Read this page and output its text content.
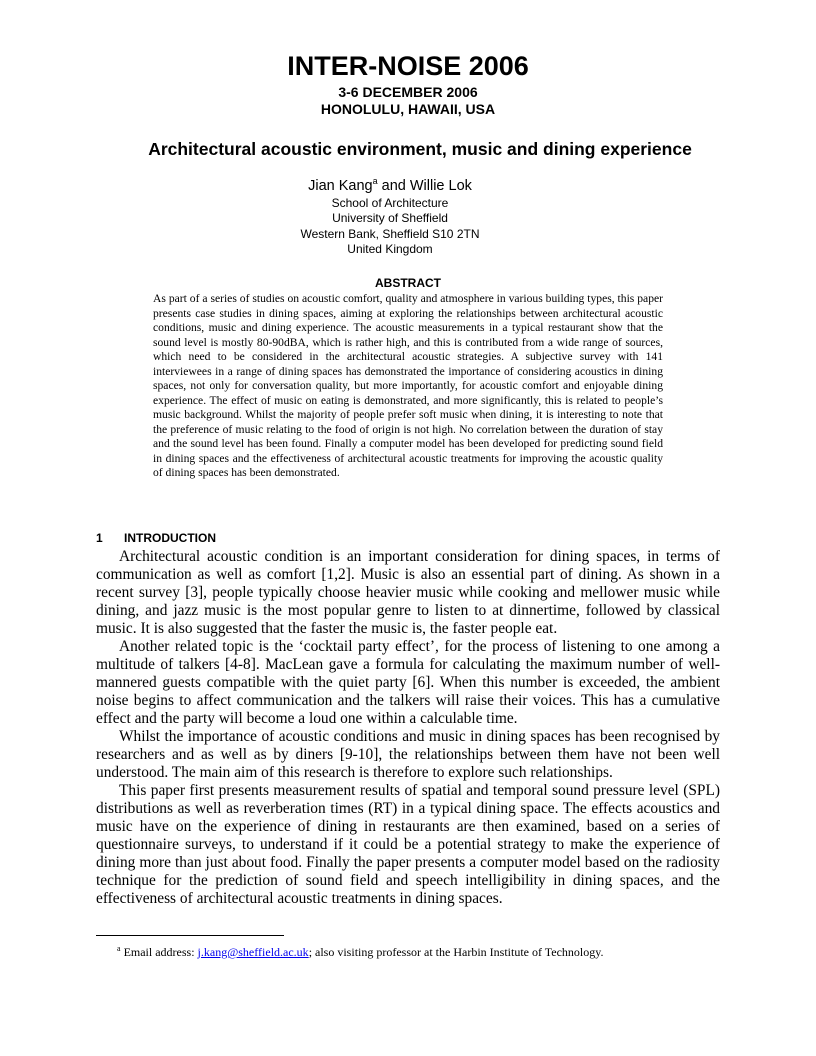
INTER-NOISE 2006
3-6 DECEMBER 2006
HONOLULU, HAWAII, USA
Architectural acoustic environment, music and dining experience
Jian Kang$^a$ and Willie Lok
School of Architecture
University of Sheffield
Western Bank, Sheffield S10 2TN
United Kingdom
ABSTRACT

As part of a series of studies on acoustic comfort, quality and atmosphere in various building types, this paper presents case studies in dining spaces, aiming at exploring the relationships between architectural acoustic conditions, music and dining experience. The acoustic measurements in a typical restaurant show that the sound level is mostly 80-90dBA, which is rather high, and this is contributed from a wide range of sources, which need to be considered in the architectural acoustic strategies. A subjective survey with 141 interviewees in a range of dining spaces has demonstrated the importance of considering acoustics in dining spaces, not only for conversation quality, but more importantly, for acoustic comfort and enjoyable dining experience. The effect of music on eating is demonstrated, and more significantly, this is related to people’s music background. Whilst the majority of people prefer soft music when dining, it is interesting to note that the preference of music relating to the food of origin is not high. No correlation between the duration of stay and the sound level has been found. Finally a computer model has been developed for predicting sound field in dining spaces and the effectiveness of architectural acoustic treatments for improving the acoustic quality of dining spaces has been demonstrated.

1 INTRODUCTION

Architectural acoustic condition is an important consideration for dining spaces, in terms of communication as well as comfort [1,2]. Music is also an essential part of dining. As shown in a recent survey [3], people typically choose heavier music while cooking and mellower music while dining, and jazz music is the most popular genre to listen to at dinnertime, followed by classical music. It is also suggested that the faster the music is, the faster people eat.

Another related topic is the ‘cocktail party effect’, for the process of listening to one among a multitude of talkers [4-8]. MacLean gave a formula for calculating the maximum number of well-mannered guests compatible with the quiet party [6]. When this number is exceeded, the ambient noise begins to affect communication and the talkers will raise their voices. This has a cumulative effect and the party will become a loud one within a calculable time.

Whilst the importance of acoustic conditions and music in dining spaces has been recognised by researchers and as well as by diners [9-10], the relationships between them have not been well understood. The main aim of this research is therefore to explore such relationships.

This paper first presents measurement results of spatial and temporal sound pressure level (SPL) distributions as well as reverberation times (RT) in a typical dining space. The effects acoustics and music have on the experience of dining in restaurants are then examined, based on a series of questionnaire surveys, to understand if it could be a potential strategy to make the experience of dining more than just about food. Finally the paper presents a computer model based on the radiosity technique for the prediction of sound field and speech intelligibility in dining spaces, and the effectiveness of architectural acoustic treatments in dining spaces.

$^a$ Email address: j.kang@sheffield.ac.uk; also visiting professor at the Harbin Institute of Technology.
